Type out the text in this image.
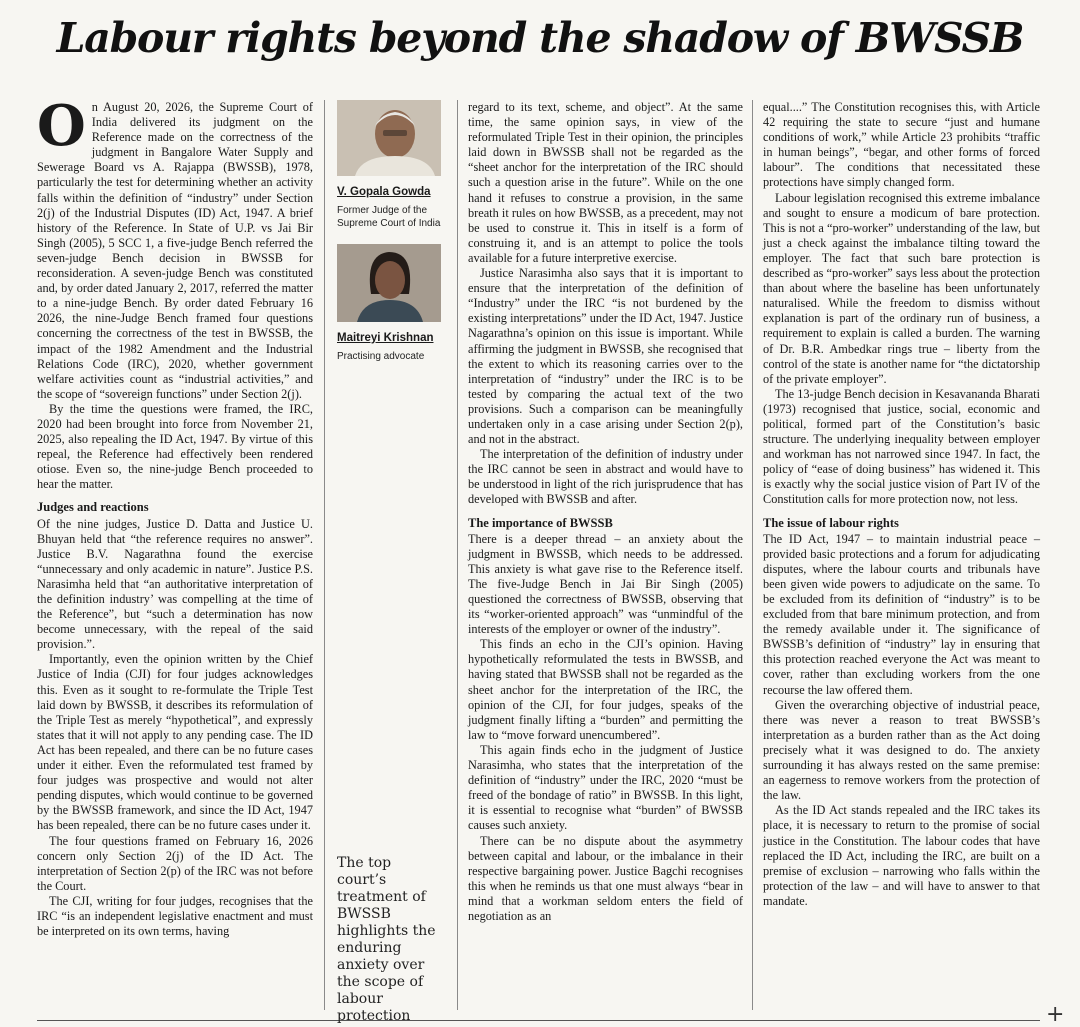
Labour rights beyond the shadow of BWSSB

On August 20, 2026, the Supreme Court of India delivered its judgment on the Reference made on the correctness of the judgment in Bangalore Water Supply and Sewerage Board vs A. Rajappa (BWSSB), 1978, particularly the test for determining whether an activity falls within the definition of “industry” under Section 2(j) of the Industrial Disputes (ID) Act, 1947. A brief history of the Reference. In State of U.P. vs Jai Bir Singh (2005), 5 SCC 1, a five-judge Bench referred the seven-judge Bench decision in BWSSB for reconsideration. A seven-judge Bench was constituted and, by order dated January 2, 2017, referred the matter to a nine-judge Bench. By order dated February 16 2026, the nine-Judge Bench framed four questions concerning the correctness of the test in BWSSB, the impact of the 1982 Amendment and the Industrial Relations Code (IRC), 2020, whether government welfare activities count as “industrial activities,” and the scope of “sovereign functions” under Section 2(j).

By the time the questions were framed, the IRC, 2020 had been brought into force from November 21, 2025, also repealing the ID Act, 1947. By virtue of this repeal, the Reference had effectively been rendered otiose. Even so, the nine-judge Bench proceeded to hear the matter.

Judges and reactions

Of the nine judges, Justice D. Datta and Justice U. Bhuyan held that “the reference requires no answer”. Justice B.V. Nagarathna found the exercise “unnecessary and only academic in nature”. Justice P.S. Narasimha held that “an authoritative interpretation of the definition industry’ was compelling at the time of the Reference”, but “such a determination has now become unnecessary, with the repeal of the said provision.”.

Importantly, even the opinion written by the Chief Justice of India (CJI) for four judges acknowledges this. Even as it sought to re-formulate the Triple Test laid down by BWSSB, it describes its reformulation of the Triple Test as merely “hypothetical”, and expressly states that it will not apply to any pending case. The ID Act has been repealed, and there can be no future cases under it either. Even the reformulated test framed by four judges was prospective and would not alter pending disputes, which would continue to be governed by the BWSSB framework, and since the ID Act, 1947 has been repealed, there can be no future cases under it.

The four questions framed on February 16, 2026 concern only Section 2(j) of the ID Act. The interpretation of Section 2(p) of the IRC was not before the Court.

The CJI, writing for four judges, recognises that the IRC “is an independent legislative enactment and must be interpreted on its own terms, having

V. Gopala Gowda
Former Judge of the Supreme Court of India
Maitreyi Krishnan
Practising advocate
The top court’s treatment of BWSSB highlights the enduring anxiety over the scope of labour protection

regard to its text, scheme, and object”. At the same time, the same opinion says, in view of the reformulated Triple Test in their opinion, the principles laid down in BWSSB shall not be regarded as the “sheet anchor for the interpretation of the IRC should such a question arise in the future”. While on the one hand it refuses to construe a provision, in the same breath it rules on how BWSSB, as a precedent, may not be used to construe it. This in itself is a form of construing it, and is an attempt to police the tools available for a future interpretive exercise.

Justice Narasimha also says that it is important to ensure that the interpretation of the definition of “Industry” under the IRC “is not burdened by the existing interpretations” under the ID Act, 1947. Justice Nagarathna’s opinion on this issue is important. While affirming the judgment in BWSSB, she recognised that the extent to which its reasoning carries over to the interpretation of “industry” under the IRC is to be tested by comparing the actual text of the two provisions. Such a comparison can be meaningfully undertaken only in a case arising under Section 2(p), and not in the abstract.

The interpretation of the definition of industry under the IRC cannot be seen in abstract and would have to be understood in light of the rich jurisprudence that has developed with BWSSB and after.

The importance of BWSSB

There is a deeper thread – an anxiety about the judgment in BWSSB, which needs to be addressed. This anxiety is what gave rise to the Reference itself. The five-Judge Bench in Jai Bir Singh (2005) questioned the correctness of BWSSB, observing that its “worker-oriented approach” was “unmindful of the interests of the employer or owner of the industry”.

This finds an echo in the CJI’s opinion. Having hypothetically reformulated the tests in BWSSB, and having stated that BWSSB shall not be regarded as the sheet anchor for the interpretation of the IRC, the opinion of the CJI, for four judges, speaks of the judgment finally lifting a “burden” and permitting the law to “move forward unencumbered”.

This again finds echo in the judgment of Justice Narasimha, who states that the interpretation of the definition of “industry” under the IRC, 2020 “must be freed of the bondage of ratio” in BWSSB. In this light, it is essential to recognise what “burden” of BWSSB causes such anxiety.

There can be no dispute about the asymmetry between capital and labour, or the imbalance in their respective bargaining power. Justice Bagchi recognises this when he reminds us that one must always “bear in mind that a workman seldom enters the field of negotiation as an

equal....” The Constitution recognises this, with Article 42 requiring the state to secure “just and humane conditions of work,” while Article 23 prohibits “traffic in human beings”, “begar, and other forms of forced labour”. The conditions that necessitated these protections have simply changed form.

Labour legislation recognised this extreme imbalance and sought to ensure a modicum of bare protection. This is not a “pro-worker” understanding of the law, but just a check against the imbalance tilting toward the employer. The fact that such bare protection is described as “pro-worker” says less about the protection than about where the baseline has been unfortunately naturalised. While the freedom to dismiss without explanation is part of the ordinary run of business, a requirement to explain is called a burden. The warning of Dr. B.R. Ambedkar rings true – liberty from the control of the state is another name for “the dictatorship of the private employer”.

The 13-judge Bench decision in Kesavananda Bharati (1973) recognised that justice, social, economic and political, formed part of the Constitution’s basic structure. The underlying inequality between employer and workman has not narrowed since 1947. In fact, the policy of “ease of doing business” has widened it. This is exactly why the social justice vision of Part IV of the Constitution calls for more protection now, not less.

The issue of labour rights

The ID Act, 1947 – to maintain industrial peace – provided basic protections and a forum for adjudicating disputes, where the labour courts and tribunals have been given wide powers to adjudicate on the same. To be excluded from its definition of “industry” is to be excluded from that bare minimum protection, and from the remedy available under it. The significance of BWSSB’s definition of “industry” lay in ensuring that this protection reached everyone the Act was meant to cover, rather than excluding workers from the one recourse the law offered them.

Given the overarching objective of industrial peace, there was never a reason to treat BWSSB’s interpretation as a burden rather than as the Act doing precisely what it was designed to do. The anxiety surrounding it has always rested on the same premise: an eagerness to remove workers from the protection of the law.

As the ID Act stands repealed and the IRC takes its place, it is necessary to return to the promise of social justice in the Constitution. The labour codes that have replaced the ID Act, including the IRC, are built on a premise of exclusion – narrowing who falls within the protection of the law – and will have to answer to that mandate.

+
